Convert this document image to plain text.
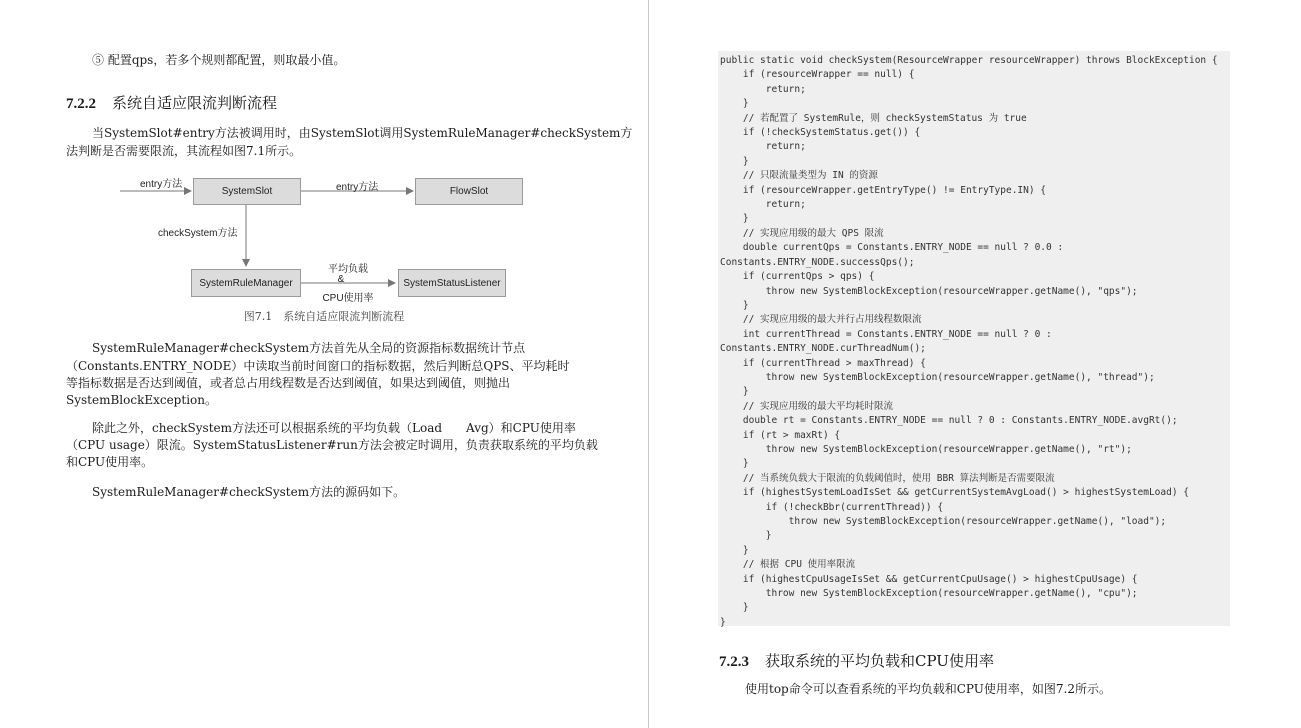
⑤ 配置qps，若多个规则都配置，则取最小值。

7.2.2 系统自适应限流判断流程

当SystemSlot#entry方法被调用时，由SystemSlot调用SystemRuleManager#checkSystem方

法判断是否需要限流，其流程如图7.1所示。

SystemSlot	FlowSlot
SystemRuleManager	SystemStatusListener
entry方法	entry方法
checkSystem方法
平均负载
&
CPU使用率
图7.1　系统自适应限流判断流程

SystemRuleManager#checkSystem方法首先从全局的资源指标数据统计节点

（Constants.ENTRY_NODE）中读取当前时间窗口的指标数据，然后判断总QPS、平均耗时

等指标数据是否达到阈值，或者总占用线程数是否达到阈值，如果达到阈值，则抛出

SystemBlockException。

除此之外，checkSystem方法还可以根据系统的平均负载（Load　　Avg）和CPU使用率

（CPU usage）限流。SystemStatusListener#run方法会被定时调用，负责获取系统的平均负载

和CPU使用率。

SystemRuleManager#checkSystem方法的源码如下。

public static void checkSystem(ResourceWrapper resourceWrapper) throws BlockException {
if (resourceWrapper == null) {
return;
}
// 若配置了 SystemRule，则 checkSystemStatus 为 true
if (!checkSystemStatus.get()) {
return;
}
// 只限流量类型为 IN 的资源
if (resourceWrapper.getEntryType() != EntryType.IN) {
return;
}
// 实现应用级的最大 QPS 限流
double currentQps = Constants.ENTRY_NODE == null ? 0.0 :
Constants.ENTRY_NODE.successQps();
if (currentQps > qps) {
throw new SystemBlockException(resourceWrapper.getName(), "qps");
}
// 实现应用级的最大并行占用线程数限流
int currentThread = Constants.ENTRY_NODE == null ? 0 :
Constants.ENTRY_NODE.curThreadNum();
if (currentThread > maxThread) {
throw new SystemBlockException(resourceWrapper.getName(), "thread");
}
// 实现应用级的最大平均耗时限流
double rt = Constants.ENTRY_NODE == null ? 0 : Constants.ENTRY_NODE.avgRt();
if (rt > maxRt) {
throw new SystemBlockException(resourceWrapper.getName(), "rt");
}
// 当系统负载大于限流的负载阈值时，使用 BBR 算法判断是否需要限流
if (highestSystemLoadIsSet && getCurrentSystemAvgLoad() > highestSystemLoad) {
if (!checkBbr(currentThread)) {
throw new SystemBlockException(resourceWrapper.getName(), "load");
}
}
// 根据 CPU 使用率限流
if (highestCpuUsageIsSet && getCurrentCpuUsage() > highestCpuUsage) {
throw new SystemBlockException(resourceWrapper.getName(), "cpu");
}
}
7.2.3 获取系统的平均负载和CPU使用率

使用top命令可以查看系统的平均负载和CPU使用率，如图7.2所示。
